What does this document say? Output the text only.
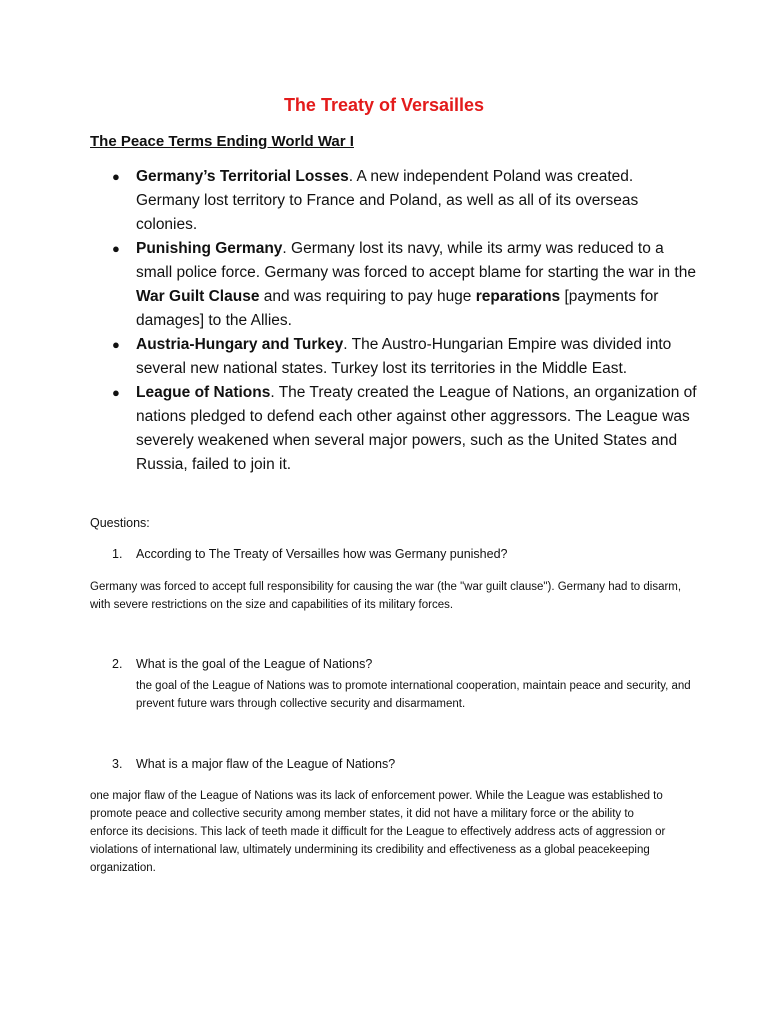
The Treaty of Versailles
The Peace Terms Ending World War I
● Germany’s Territorial Losses. A new independent Poland was created. Germany lost territory to France and Poland, as well as all of its overseas colonies.
● Punishing Germany. Germany lost its navy, while its army was reduced to a small police force. Germany was forced to accept blame for starting the war in the War Guilt Clause and was requiring to pay huge reparations [payments for damages] to the Allies.
● Austria-Hungary and Turkey. The Austro-Hungarian Empire was divided into several new national states. Turkey lost its territories in the Middle East.
● League of Nations. The Treaty created the League of Nations, an organization of nations pledged to defend each other against other aggressors. The League was severely weakened when several major powers, such as the United States and Russia, failed to join it.
Questions:
1. According to The Treaty of Versailles how was Germany punished?
Germany was forced to accept full responsibility for causing the war (the "war guilt clause"). Germany had to disarm, with severe restrictions on the size and capabilities of its military forces.
2. What is the goal of the League of Nations?
the goal of the League of Nations was to promote international cooperation, maintain peace and security, and prevent future wars through collective security and disarmament.
3. What is a major flaw of the League of Nations?
one major flaw of the League of Nations was its lack of enforcement power. While the League was established to promote peace and collective security among member states, it did not have a military force or the ability to enforce its decisions. This lack of teeth made it difficult for the League to effectively address acts of aggression or violations of international law, ultimately undermining its credibility and effectiveness as a global peacekeeping organization.
